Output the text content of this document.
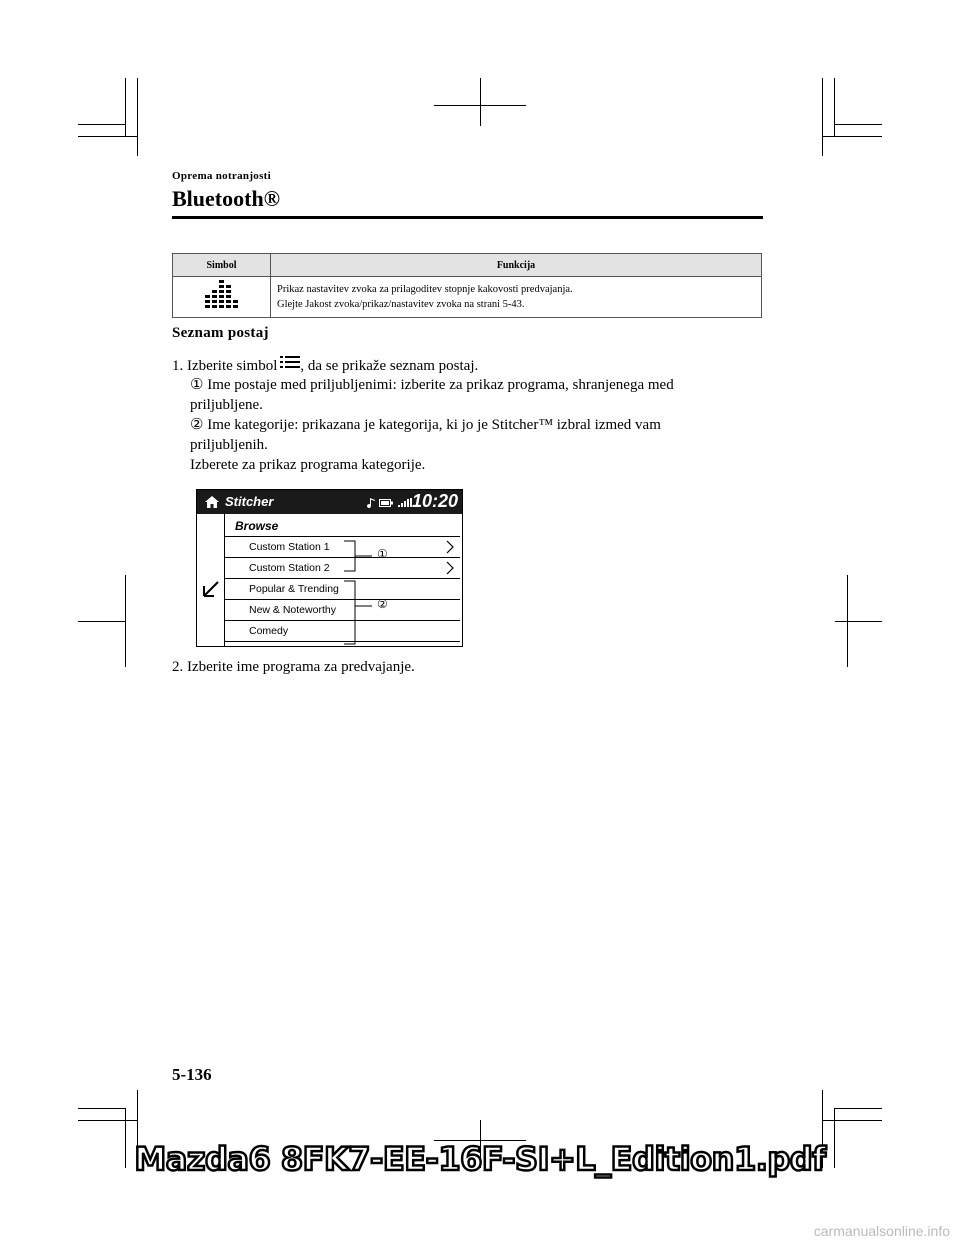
Oprema notranjosti
Bluetooth®
Simbol	Funkcija

Prikaz nastavitev zvoka za prilagoditev stopnje kakovosti predvajanja.
Glejte Jakost zvoka/prikaz/nastavitev zvoka na strani 5-43.
Seznam postaj
1. Izberite simbol , da se prikaže seznam postaj.
① Ime postaje med priljubljenimi: izberite za prikaz programa, shranjenega med
priljubljene.
② Ime kategorije: prikazana je kategorija, ki jo je Stitcher™ izbral izmed vam
priljubljenih.
Izberete za prikaz programa kategorije.
Stitcher	10:20
Browse
Custom Station 1
Custom Station 2
Popular & Trending
New & Noteworthy
Comedy
①
②
2. Izberite ime programa za predvajanje.
5-136
Mazda6 8FK7-EE-16F-SI+L_Edition1.pdf
carmanualsonline.info
